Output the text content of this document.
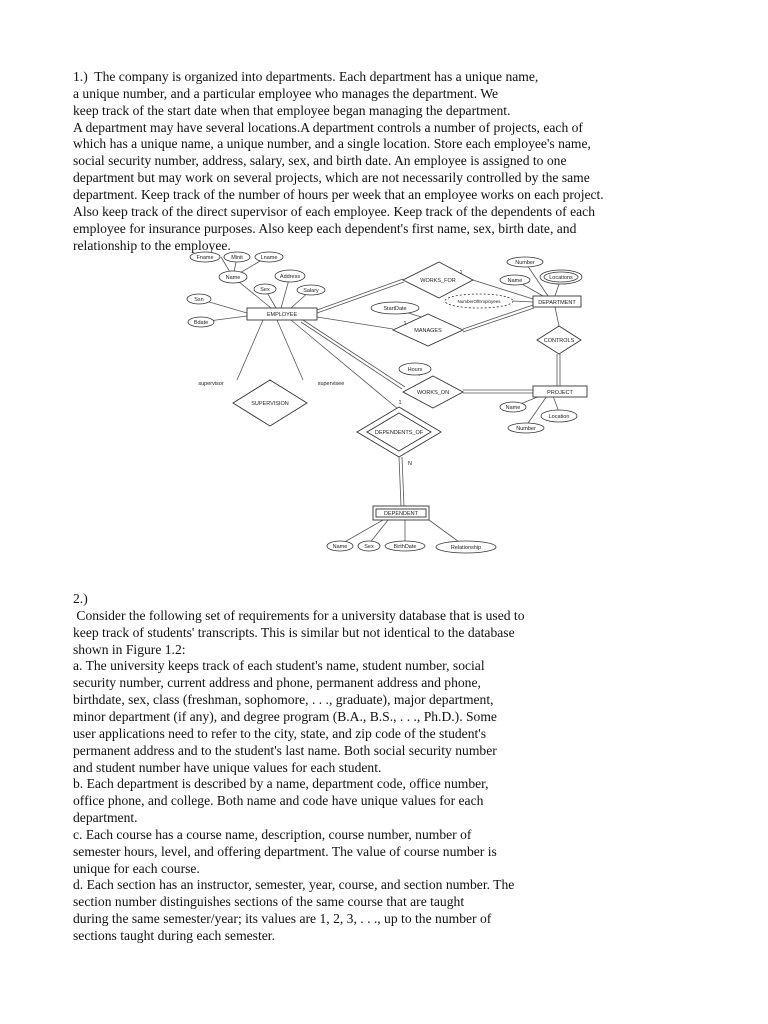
1.)  The company is organized into departments. Each department has a unique name,
a unique number, and a particular employee who manages the department. We
keep track of the start date when that employee began managing the department.
A department may have several locations.A department controls a number of projects, each of
which has a unique name, a unique number, and a single location. Store each employee's name,
social security number, address, salary, sex, and birth date. An employee is assigned to one
department but may work on several projects, which are not necessarily controlled by the same
department. Keep track of the number of hours per week that an employee works on each project.
Also keep track of the direct supervisor of each employee. Keep track of the dependents of each
employee for insurance purposes. Also keep each dependent's first name, sex, birth date, and
relationship to the employee.
EMPLOYEE
DEPARTMENT
PROJECT
DEPENDENT
WORKS_FOR
MANAGES
CONTROLS
WORKS_ON
SUPERVISION
DEPENDENTS_OF
Fname	Minit	Lname
Name	Address
Sex	Salary
Ssn
Bdate
Number
Name	Locations
NumberOfEmployees
StartDate
Hours
Name
Location
Number
Name	Sex	BirthDate	Relationship
supervisor	supervisee
1
1
1
N
2.)
Consider the following set of requirements for a university database that is used to
keep track of students' transcripts. This is similar but not identical to the database
shown in Figure 1.2:
a. The university keeps track of each student's name, student number, social
security number, current address and phone, permanent address and phone,
birthdate, sex, class (freshman, sophomore, . . ., graduate), major department,
minor department (if any), and degree program (B.A., B.S., . . ., Ph.D.). Some
user applications need to refer to the city, state, and zip code of the student's
permanent address and to the student's last name. Both social security number
and student number have unique values for each student.
b. Each department is described by a name, department code, office number,
office phone, and college. Both name and code have unique values for each
department.
c. Each course has a course name, description, course number, number of
semester hours, level, and offering department. The value of course number is
unique for each course.
d. Each section has an instructor, semester, year, course, and section number. The
section number distinguishes sections of the same course that are taught
during the same semester/year; its values are 1, 2, 3, . . ., up to the number of
sections taught during each semester.
